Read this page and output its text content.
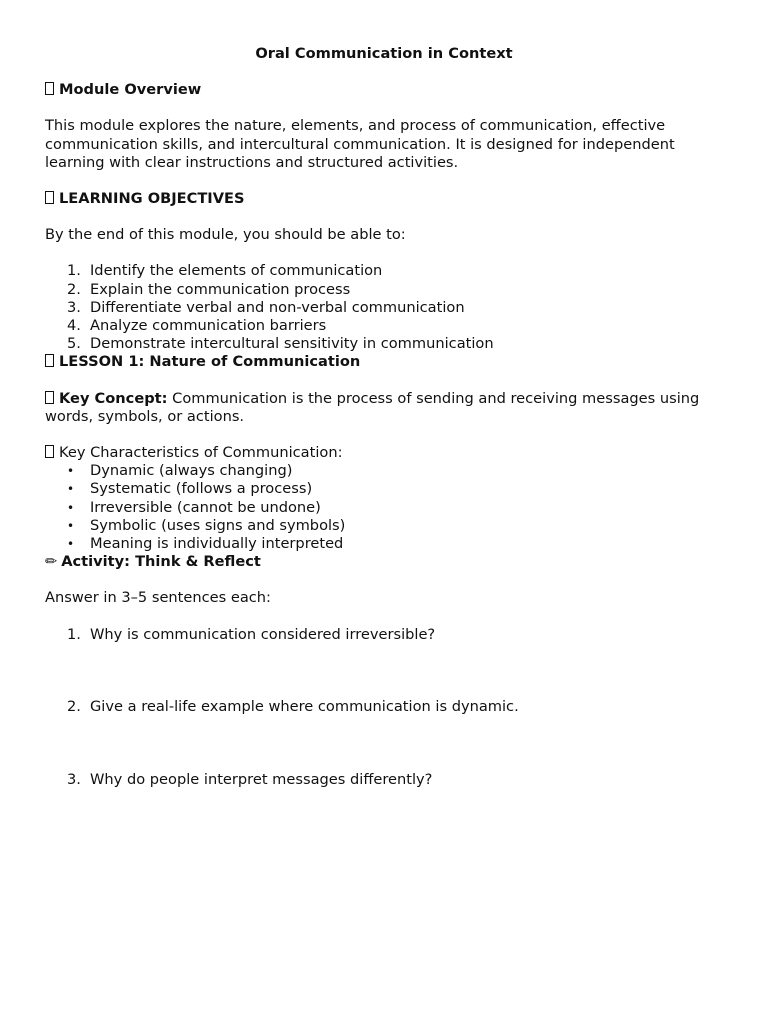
Oral Communication in Context
Module Overview
This module explores the nature, elements, and process of communication, effective communication skills, and intercultural communication. It is designed for independent learning with clear instructions and structured activities.
LEARNING OBJECTIVES
By the end of this module, you should be able to:
1. Identify the elements of communication
2. Explain the communication process
3. Differentiate verbal and non-verbal communication
4. Analyze communication barriers
5. Demonstrate intercultural sensitivity in communication
LESSON 1: Nature of Communication
Key Concept: Communication is the process of sending and receiving messages using words, symbols, or actions.
Key Characteristics of Communication:
• Dynamic (always changing)
• Systematic (follows a process)
• Irreversible (cannot be undone)
• Symbolic (uses signs and symbols)
• Meaning is individually interpreted
✏ Activity: Think & Reflect
Answer in 3–5 sentences each:
1. Why is communication considered irreversible?
2. Give a real-life example where communication is dynamic.
3. Why do people interpret messages differently?
